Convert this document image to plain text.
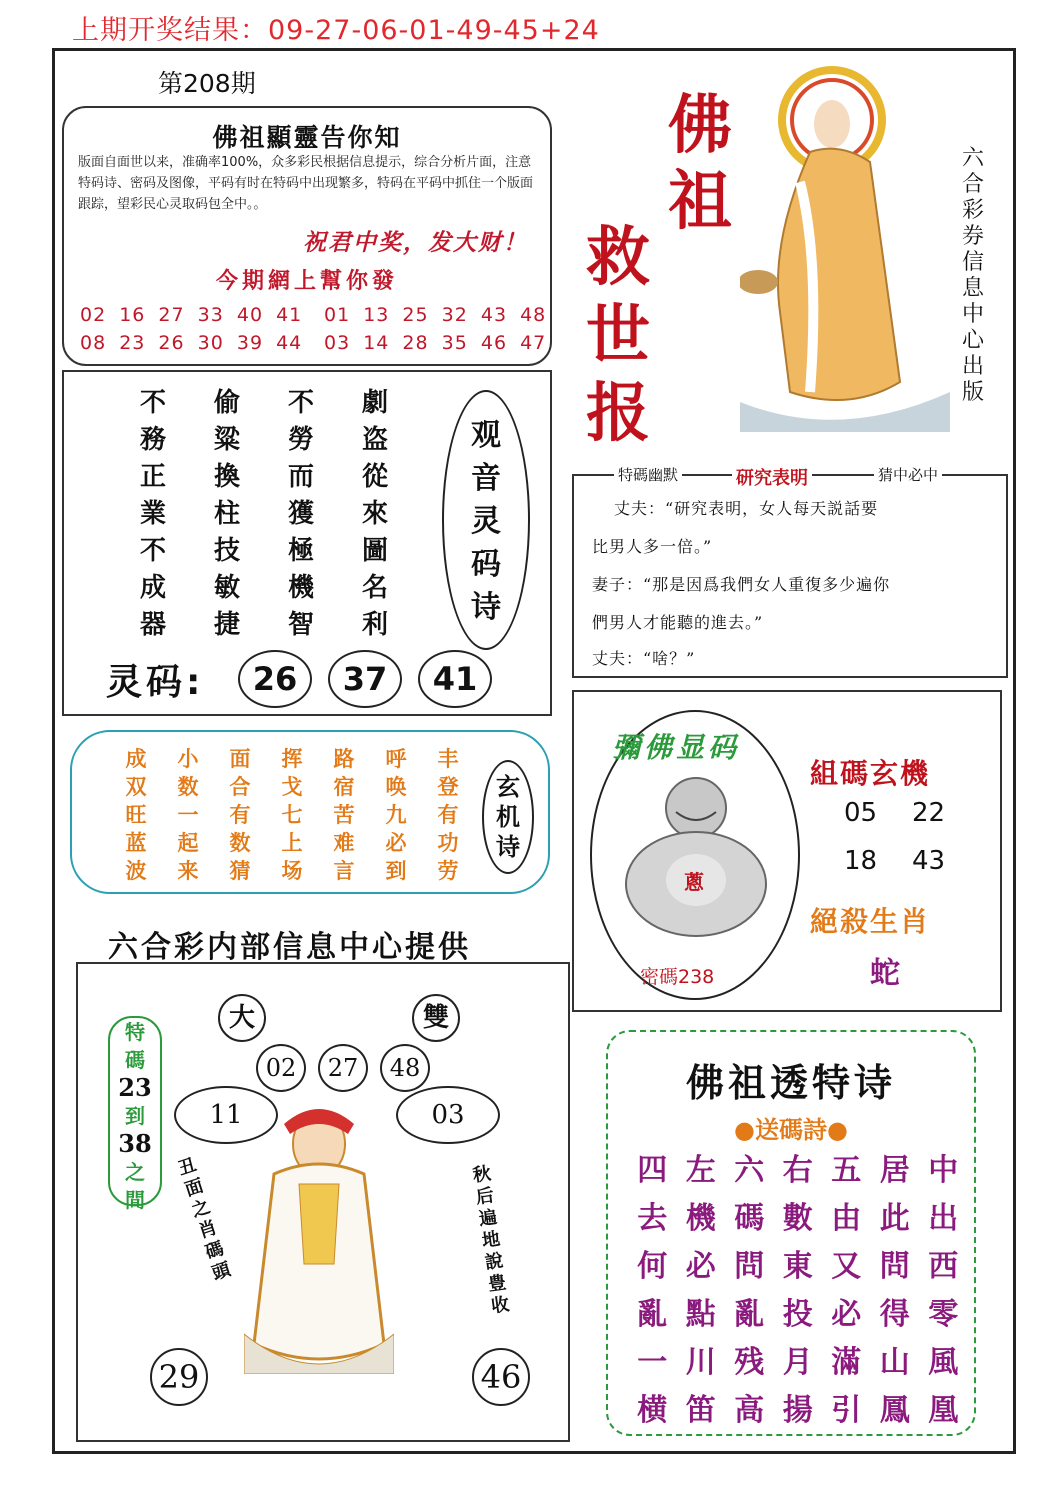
上期开奖结果：09-27-06-01-49-45+24
第208期
佛祖顯靈告你知
版面自面世以来，准确率100%，众多彩民根据信息提示，综合分析片面，注意特码诗、密码及图像，平码有时在特码中出现繁多，特码在平码中抓住一个版面跟踪，望彩民心灵取码包全中。。
祝君中奖，发大财！
今期網上幫你發
02 16 27 33 40 41 01 13 25 32 43 48
08 23 26 30 39 44 03 14 28 35 46 47
不	偷	不	劇
務	粱	勞	盗
正	換	而	從
業	柱	獲	來
不	技	極	圖
成	敏	機	名
器	捷	智	利
观
音
灵
码
诗
灵码:	26	37	41
成	小	面	挥	路	呼	丰
双	数	合	戈	宿	唤	登
旺	一	有	七	苦	九	有
蓝	起	数	上	难	必	功
波	来	猜	场	言	到	劳
玄
机
诗
六合彩内部信息中心提供
大	雙
02	27	48
11	03
特
碼
23
到
38
之
間	丑面之肖碼頭	秋后遍地說豊收
29	46
佛
祖
救
世
报
六合彩券信息中心出版
特碼幽默	研究表明	猜中必中
丈夫：“研究表明，女人每天説話要
比男人多一倍。”
妻子：“那是因爲我們女人重復多少遍你
們男人才能聽的進去。”
丈夫：“啥？”
彌佛显码
蔥
密碼238
組碼玄機
05 22
18 43
絕殺生肖
蛇
佛祖透特诗
●送碼詩●
四 左 六 右 五 居 中
去 機 碼 數 由 此 出
何 必 問 東 又 問 西
亂 點 亂 投 必 得 零
一 川 残 月 滿 山 風
横 笛 高 揚 引 鳳 凰
